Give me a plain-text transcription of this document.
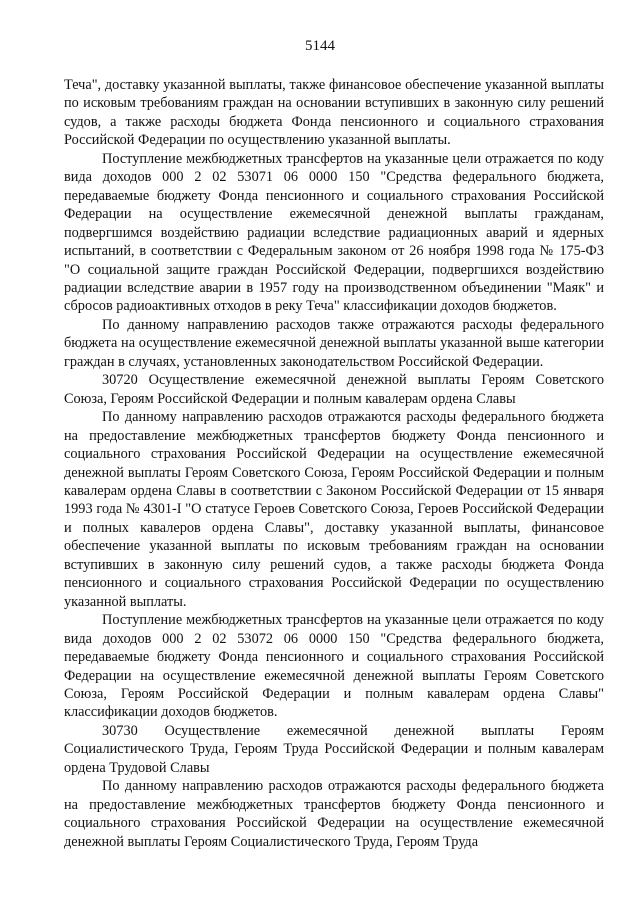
5144

Теча", доставку указанной выплаты, также финансовое обеспечение указанной выплаты по исковым требованиям граждан на основании вступивших в законную силу решений судов, а также расходы бюджета Фонда пенсионного и социального страхования Российской Федерации по осуществлению указанной выплаты.

Поступление межбюджетных трансфертов на указанные цели отражается по коду вида доходов 000 2 02 53071 06 0000 150 "Средства федерального бюджета, передаваемые бюджету Фонда пенсионного и социального страхования Российской Федерации на осуществление ежемесячной денежной выплаты гражданам, подвергшимся воздействию радиации вследствие радиационных аварий и ядерных испытаний, в соответствии с Федеральным законом от 26 ноября 1998 года № 175-ФЗ "О социальной защите граждан Российской Федерации, подвергшихся воздействию радиации вследствие аварии в 1957 году на производственном объединении "Маяк" и сбросов радиоактивных отходов в реку Теча" классификации доходов бюджетов.

По данному направлению расходов также отражаются расходы федерального бюджета на осуществление ежемесячной денежной выплаты указанной выше категории граждан в случаях, установленных законодательством Российской Федерации.

30720 Осуществление ежемесячной денежной выплаты Героям Советского Союза, Героям Российской Федерации и полным кавалерам ордена Славы

По данному направлению расходов отражаются расходы федерального бюджета на предоставление межбюджетных трансфертов бюджету Фонда пенсионного и социального страхования Российской Федерации на осуществление ежемесячной денежной выплаты Героям Советского Союза, Героям Российской Федерации и полным кавалерам ордена Славы в соответствии с Законом Российской Федерации от 15 января 1993 года № 4301-I "О статусе Героев Советского Союза, Героев Российской Федерации и полных кавалеров ордена Славы", доставку указанной выплаты, финансовое обеспечение указанной выплаты по исковым требованиям граждан на основании вступивших в законную силу решений судов, а также расходы бюджета Фонда пенсионного и социального страхования Российской Федерации по осуществлению указанной выплаты.

Поступление межбюджетных трансфертов на указанные цели отражается по коду вида доходов 000 2 02 53072 06 0000 150 "Средства федерального бюджета, передаваемые бюджету Фонда пенсионного и социального страхования Российской Федерации на осуществление ежемесячной денежной выплаты Героям Советского Союза, Героям Российской Федерации и полным кавалерам ордена Славы" классификации доходов бюджетов.

30730 Осуществление ежемесячной денежной выплаты Героям Социалистического Труда, Героям Труда Российской Федерации и полным кавалерам ордена Трудовой Славы

По данному направлению расходов отражаются расходы федерального бюджета на предоставление межбюджетных трансфертов бюджету Фонда пенсионного и социального страхования Российской Федерации на осуществление ежемесячной денежной выплаты Героям Социалистического Труда, Героям Труда
